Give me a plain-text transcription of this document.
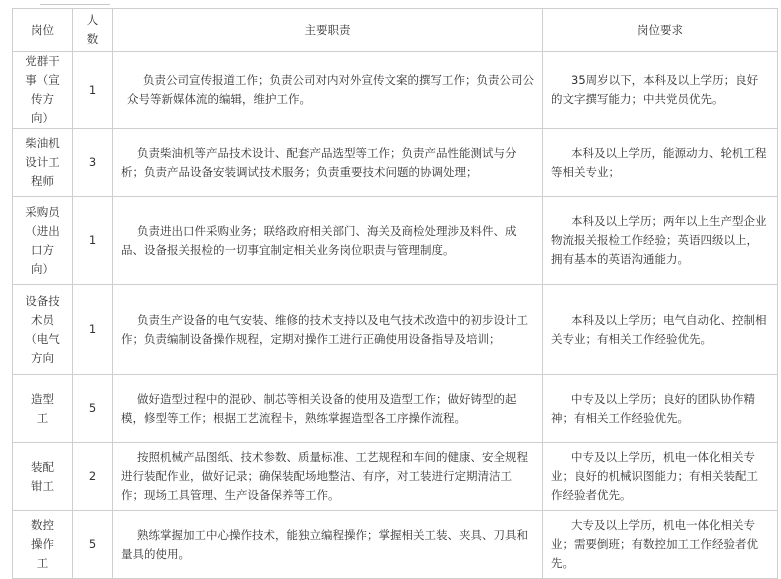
岗位	人数	主要职责	岗位要求
党群干事（宣传方向）	1	负责公司宣传报道工作；负责公司对内对外宣传文案的撰写工作；负责公司公众号等新媒体流的编辑，维护工作。	35周岁以下，本科及以上学历；良好的文字撰写能力；中共党员优先。
柴油机设计工程师	3	负责柴油机等产品技术设计、配套产品选型等工作；负责产品性能测试与分析；负责产品设备安装调试技术服务；负责重要技术问题的协调处理；	本科及以上学历，能源动力、轮机工程等相关专业；
采购员（进出口方向）	1	负责进出口件采购业务；联络政府相关部门、海关及商检处理涉及料件、成品、设备报关报检的一切事宜制定相关业务岗位职责与管理制度。	本科及以上学历；两年以上生产型企业物流报关报检工作经验；英语四级以上，拥有基本的英语沟通能力。
设备技术员（电气方向	1	负责生产设备的电气安装、维修的技术支持以及电气技术改造中的初步设计工作；负责编制设备操作规程，定期对操作工进行正确使用设备指导及培训；	本科及以上学历；电气自动化、控制相关专业；有相关工作经验优先。
造型工	5	做好造型过程中的混砂、制芯等相关设备的使用及造型工作；做好铸型的起模，修型等工作；根据工艺流程卡，熟练掌握造型各工序操作流程。	中专及以上学历；良好的团队协作精神；有相关工作经验优先。
装配钳工	2	按照机械产品图纸、技术参数、质量标准、工艺规程和车间的健康、安全规程进行装配作业，做好记录；确保装配场地整洁、有序，对工装进行定期清洁工作；现场工具管理、生产设备保养等工作。	中专及以上学历，机电一体化相关专业；良好的机械识图能力；有相关装配工作经验者优先。
数控操作工	5	熟练掌握加工中心操作技术，能独立编程操作；掌握相关工装、夹具、刀具和量具的使用。	大专及以上学历，机电一体化相关专业；需要倒班；有数控加工工作经验者优先。
